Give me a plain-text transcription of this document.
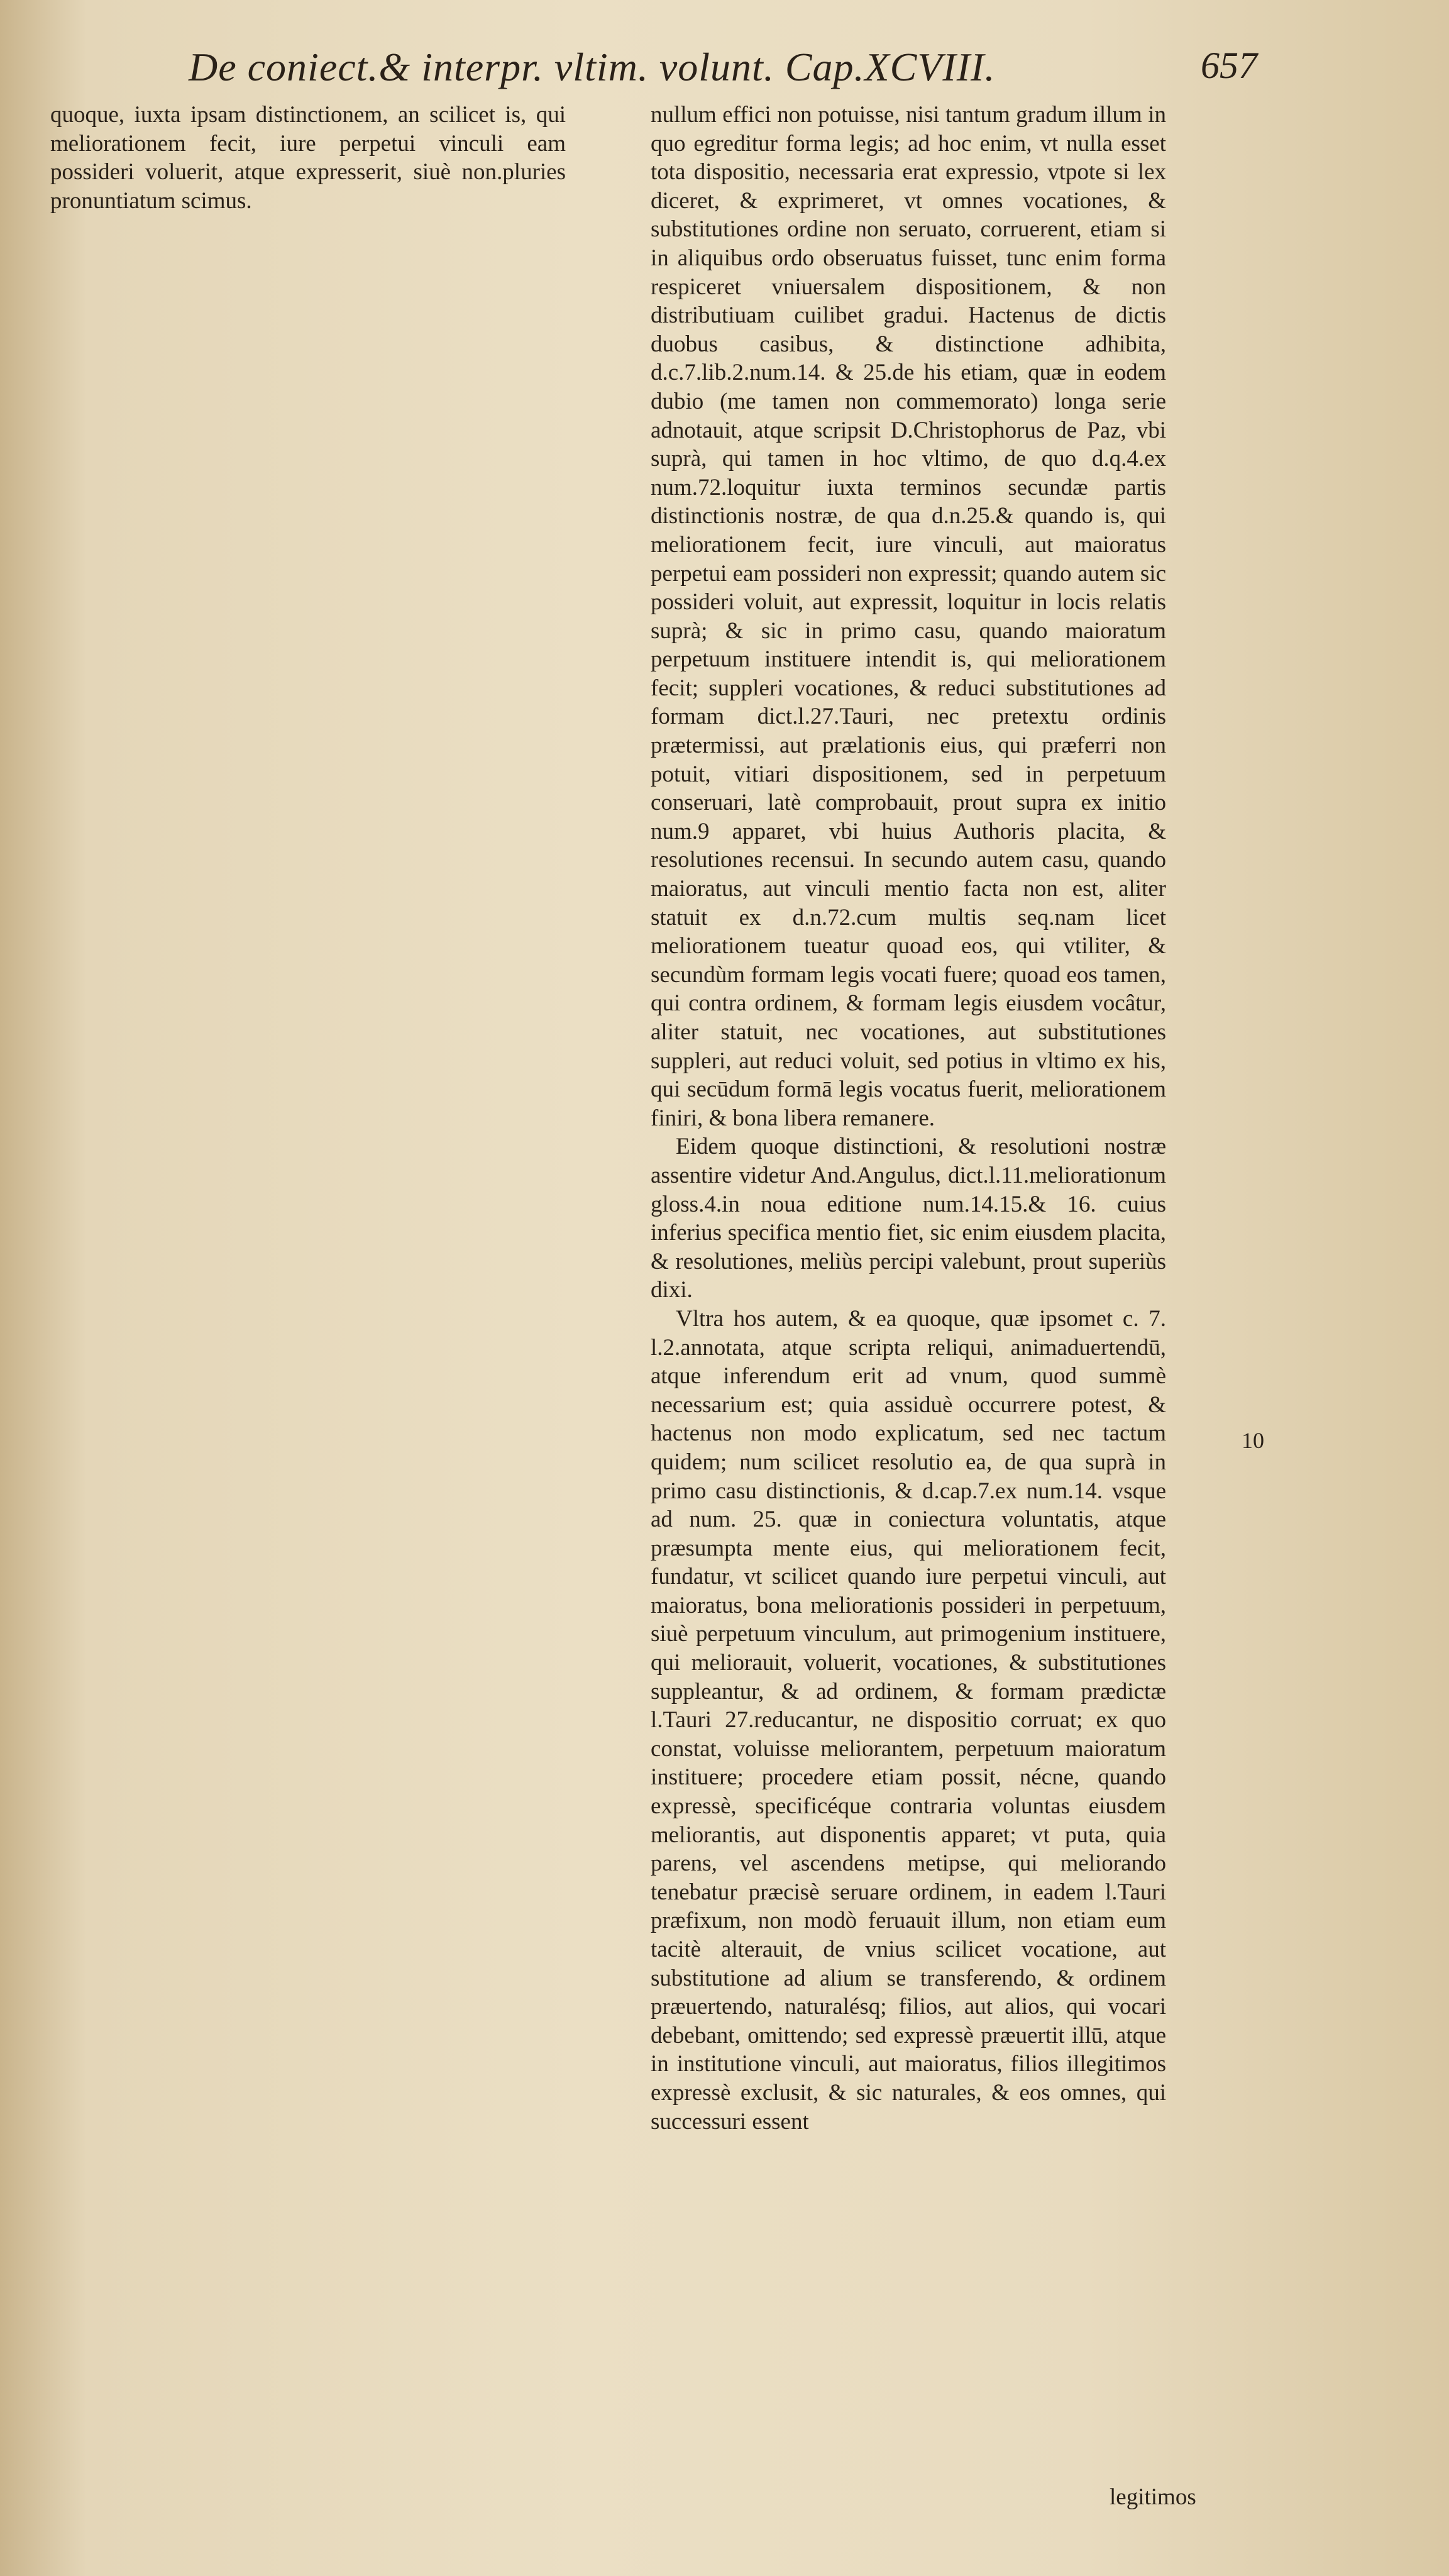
De coniect.& interpr. vltim. volunt. Cap.XCVIII.	657

quoque, iuxta ipsam distinctionem, an scilicet is, qui meliorationem fecit, iure perpetui vinculi eam possideri voluerit, atque expresserit, siuè non.pluries pronuntiatum scimus.

nullum effici non potuisse, nisi tantum gradum illum in quo egreditur forma legis; ad hoc enim, vt nulla esset tota dispositio, necessaria erat expressio, vtpote si lex diceret, & exprimeret, vt omnes vocationes, & substitutiones ordine non seruato, corruerent, etiam si in aliquibus ordo obseruatus fuisset, tunc enim forma respiceret vniuersalem dispositionem, & non distributiuam cuilibet gradui. Hactenus de dictis duobus casibus, & distinctione adhibita, d.c.7.lib.2.num.14. & 25.de his etiam, quæ in eodem dubio (me tamen non commemorato) longa serie adnotauit, atque scripsit D.Christophorus de Paz, vbi suprà, qui tamen in hoc vltimo, de quo d.q.4.ex num.72.loquitur iuxta terminos secundæ partis distinctionis nostræ, de qua d.n.25.& quando is, qui meliorationem fecit, iure vinculi, aut maioratus perpetui eam possideri non expressit; quando autem sic possideri voluit, aut expressit, loquitur in locis relatis suprà; & sic in primo casu, quando maioratum perpetuum instituere intendit is, qui meliorationem fecit; suppleri vocationes, & reduci substitutiones ad formam dict.l.27.Tauri, nec pretextu ordinis prætermissi, aut prælationis eius, qui præferri non potuit, vitiari dispositionem, sed in perpetuum conseruari, latè comprobauit, prout supra ex initio num.9 apparet, vbi huius Authoris placita, & resolutiones recensui. In secundo autem casu, quando maioratus, aut vinculi mentio facta non est, aliter statuit ex d.n.72.cum multis seq.nam licet meliorationem tueatur quoad eos, qui vtiliter, & secundùm formam legis vocati fuere; quoad eos tamen, qui contra ordinem, & formam legis eiusdem vocâtur, aliter statuit, nec vocationes, aut substitutiones suppleri, aut reduci voluit, sed potius in vltimo ex his, qui secūdum formā legis vocatus fuerit, meliorationem finiri, & bona libera remanere.

Eidem quoque distinctioni, & resolutioni nostræ assentire videtur And.Angulus, dict.l.11.meliorationum gloss.4.in noua editione num.14.15.& 16. cuius inferius specifica mentio fiet, sic enim eiusdem placita, & resolutiones, meliùs percipi valebunt, prout superiùs dixi.

Vltra hos autem, & ea quoque, quæ ipsomet c. 7. l.2.annotata, atque scripta reliqui, animaduertendū, atque inferendum erit ad vnum, quod summè necessarium est; quia assiduè occurrere potest, & hactenus non modo explicatum, sed nec tactum quidem; num scilicet resolutio ea, de qua suprà in primo casu distinctionis, & d.cap.7.ex num.14. vsque ad num. 25. quæ in coniectura voluntatis, atque præsumpta mente eius, qui meliorationem fecit, fundatur, vt scilicet quando iure perpetui vinculi, aut maioratus, bona meliorationis possideri in perpetuum, siuè perpetuum vinculum, aut primogenium instituere, qui meliorauit, voluerit, vocationes, & substitutiones suppleantur, & ad ordinem, & formam prædictæ l.Tauri 27.reducantur, ne dispositio corruat; ex quo constat, voluisse meliorantem, perpetuum maioratum instituere; procedere etiam possit, nécne, quando expressè, specificéque contraria voluntas eiusdem meliorantis, aut disponentis apparet; vt puta, quia parens, vel ascendens metipse, qui meliorando tenebatur præcisè seruare ordinem, in eadem l.Tauri præfixum, non modò feruauit illum, non etiam eum tacitè alterauit, de vnius scilicet vocatione, aut substitutione ad alium se transferendo, & ordinem præuertendo, naturalésq; filios, aut alios, qui vocari debebant, omittendo; sed expressè præuertit illū, atque in institutione vinculi, aut maioratus, filios illegitimos expressè exclusit, & sic naturales, & eos omnes, qui successuri essent

10
legitimos
